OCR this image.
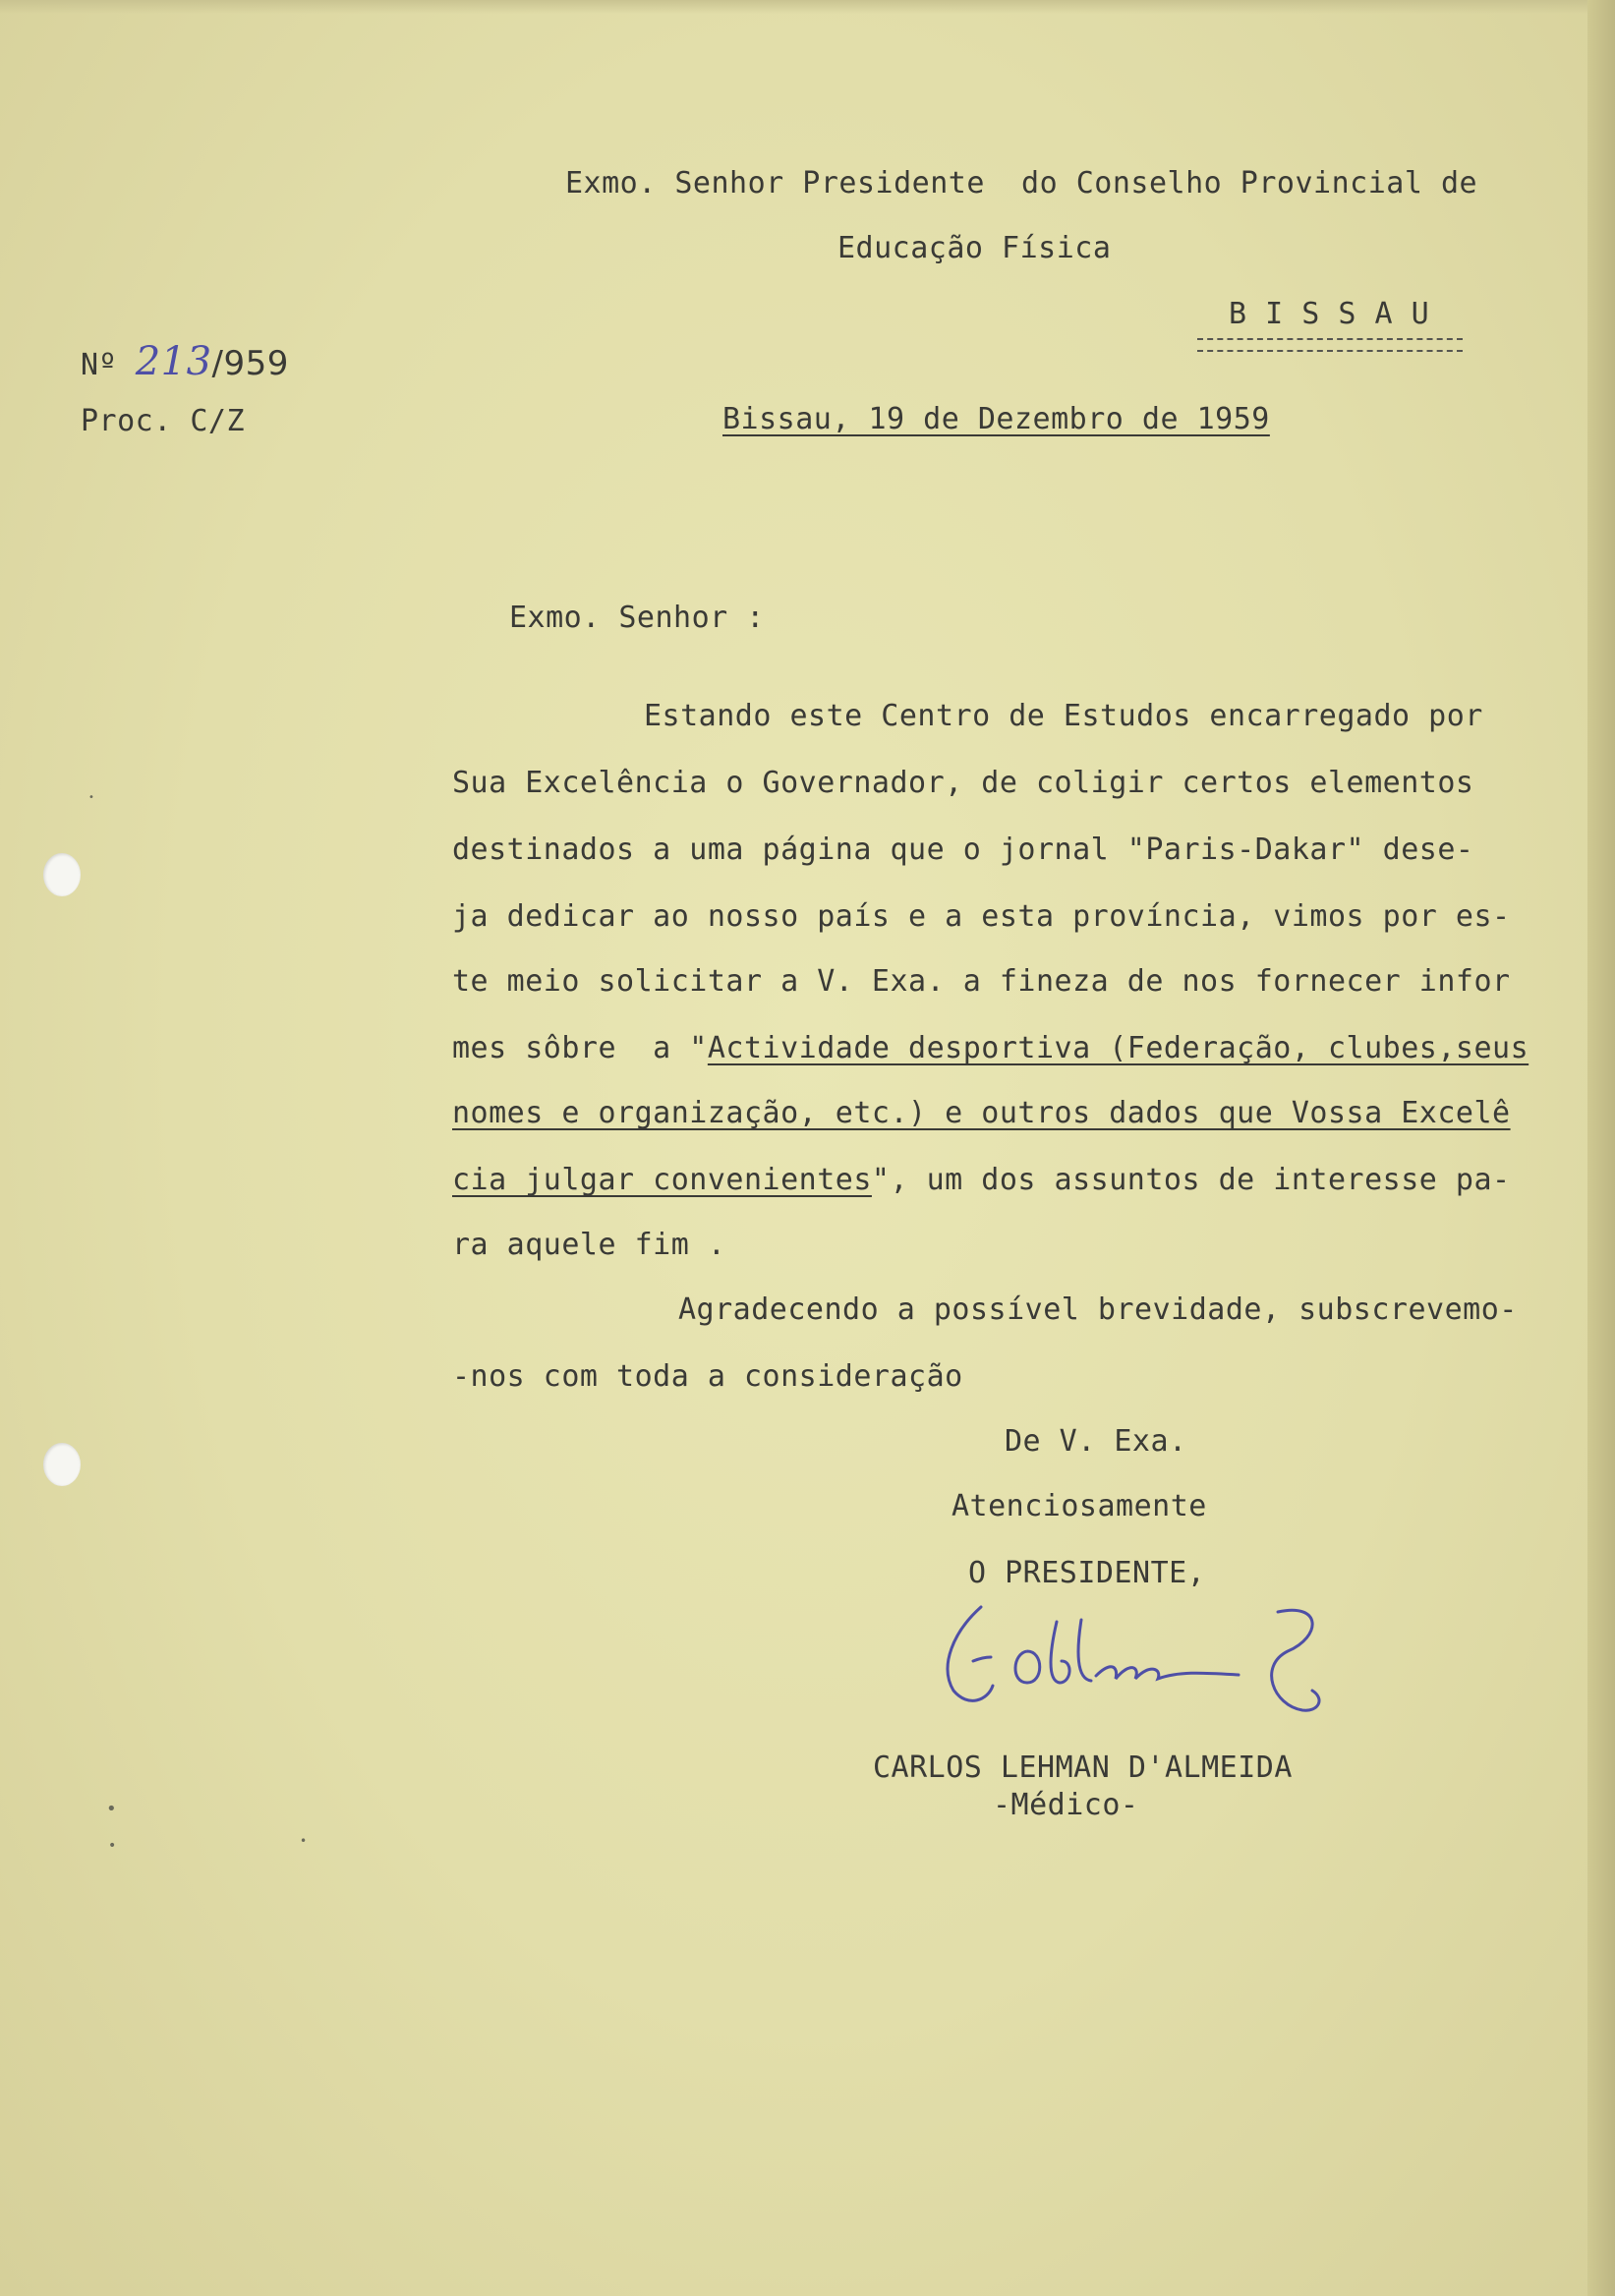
Exmo. Senhor Presidente  do Conselho Provincial de

Educação Física

B I S S A U

Nº 213/959

Proc. C/Z	Bissau, 19 de Dezembro de 1959

Exmo. Senhor :

Estando este Centro de Estudos encarregado por

Sua Excelência o Governador, de coligir certos elementos

destinados a uma página que o jornal "Paris-Dakar" dese-

ja dedicar ao nosso país e a esta província, vimos por es-

te meio solicitar a V. Exa. a fineza de nos fornecer infor

mes sôbre  a "Actividade desportiva (Federação, clubes,seus

nomes e organização, etc.) e outros dados que Vossa Excelê

cia julgar convenientes", um dos assuntos de interesse pa-

ra aquele fim .

Agradecendo a possível brevidade, subscrevemo-

-nos com toda a consideração

De V. Exa.

Atenciosamente

O PRESIDENTE,

CARLOS LEHMAN D'ALMEIDA

-Médico-

•
•	•
•
